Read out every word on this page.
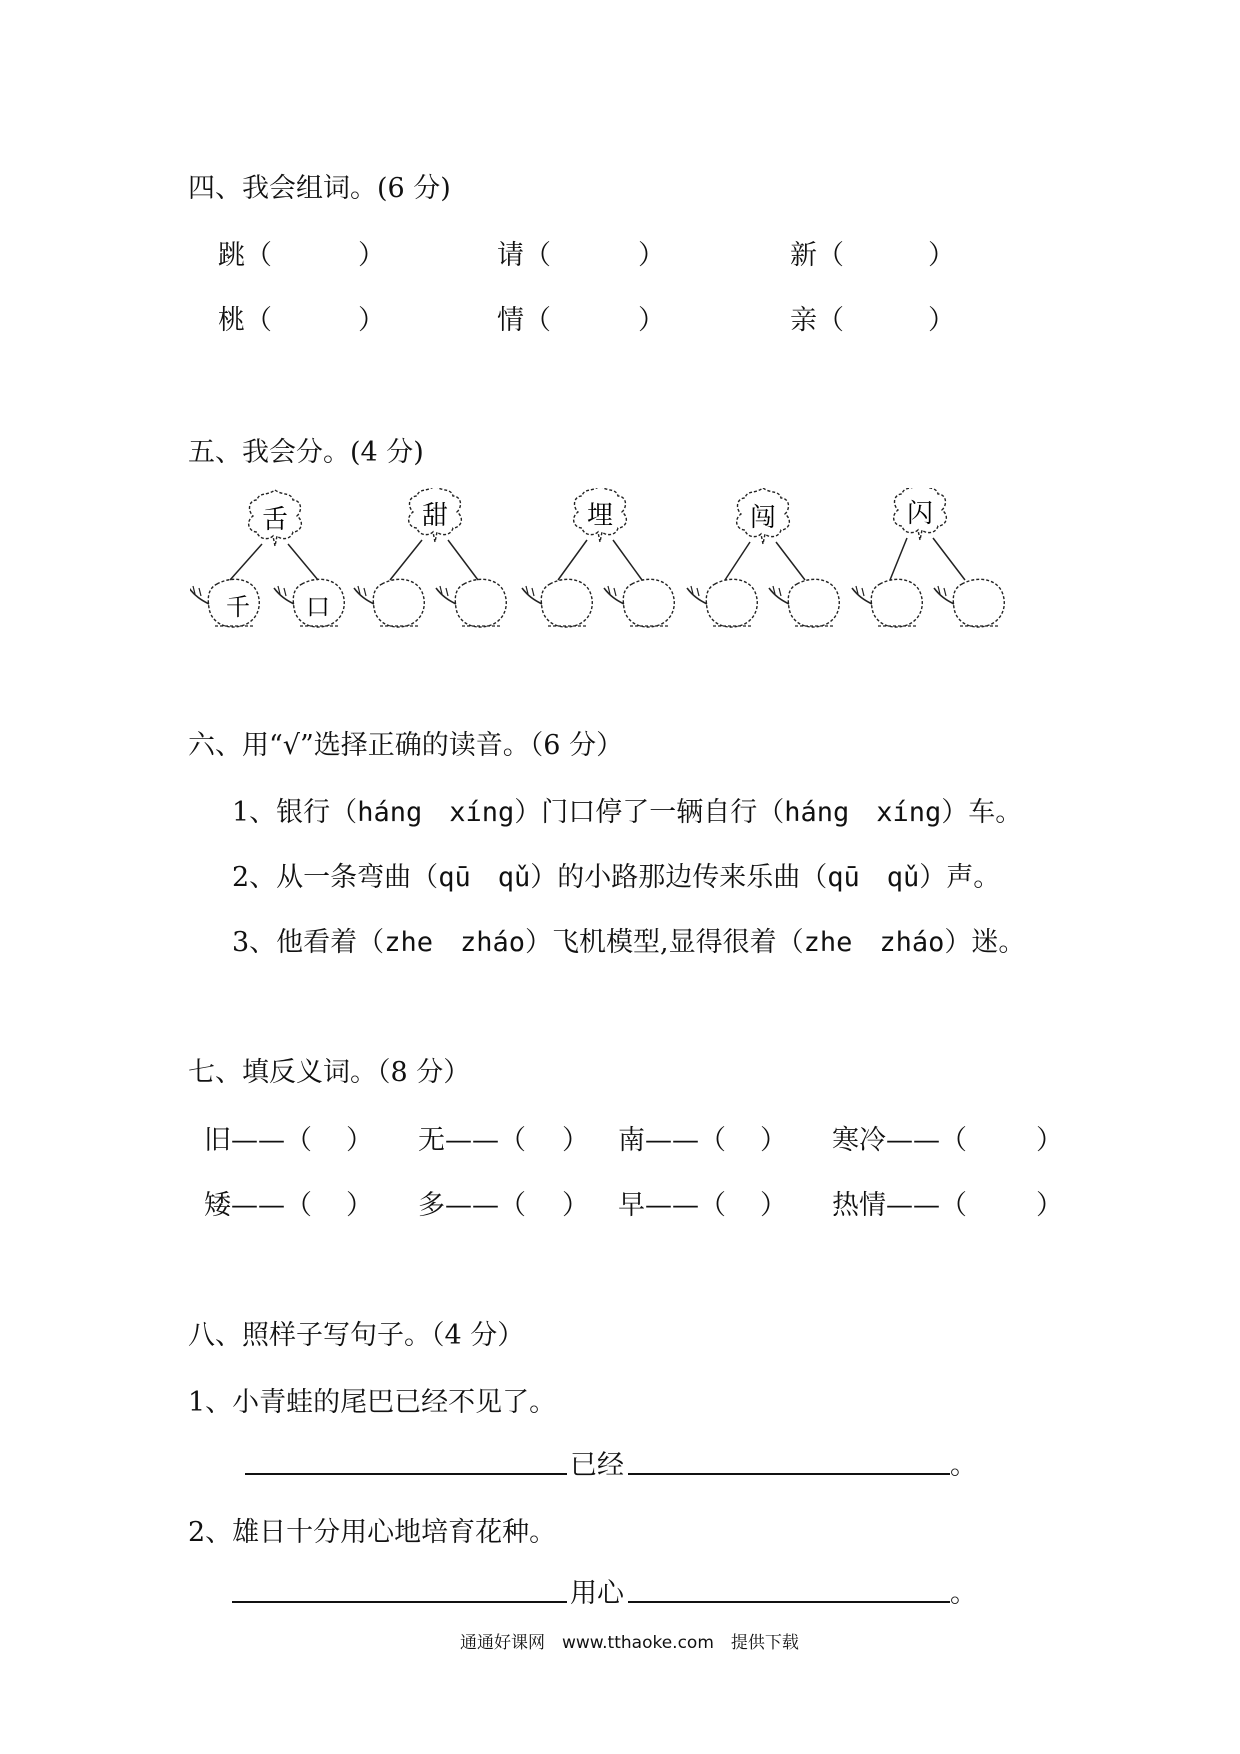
四、我会组词。(6 分)
跳（	）	请（	）	新（	）
桃（	）	情（	）	亲（	）
五、我会分。(4 分)
舌
千 口
甜	埋	闯	闪
六、用“√”选择正确的读音。（6 分）
1、银行（háng　xíng）门口停了一辆自行（háng　xíng）车。
2、从一条弯曲（qū　qǔ）的小路那边传来乐曲（qū　qǔ）声。
3、他看着（zhe　zháo）飞机模型,显得很着（zhe　zháo）迷。
七、填反义词。（8 分）
旧——（ ） 无——（ ） 南——（ ） 寒冷——（	）
矮——（ ） 多——（ ） 早——（ ） 热情——（	）
八、照样子写句子。（4 分）
1、小青蛙的尾巴已经不见了。
已经	。
2、雄日十分用心地培育花种。
用心	。
通通好课网　www.tthaoke.com　提供下载
